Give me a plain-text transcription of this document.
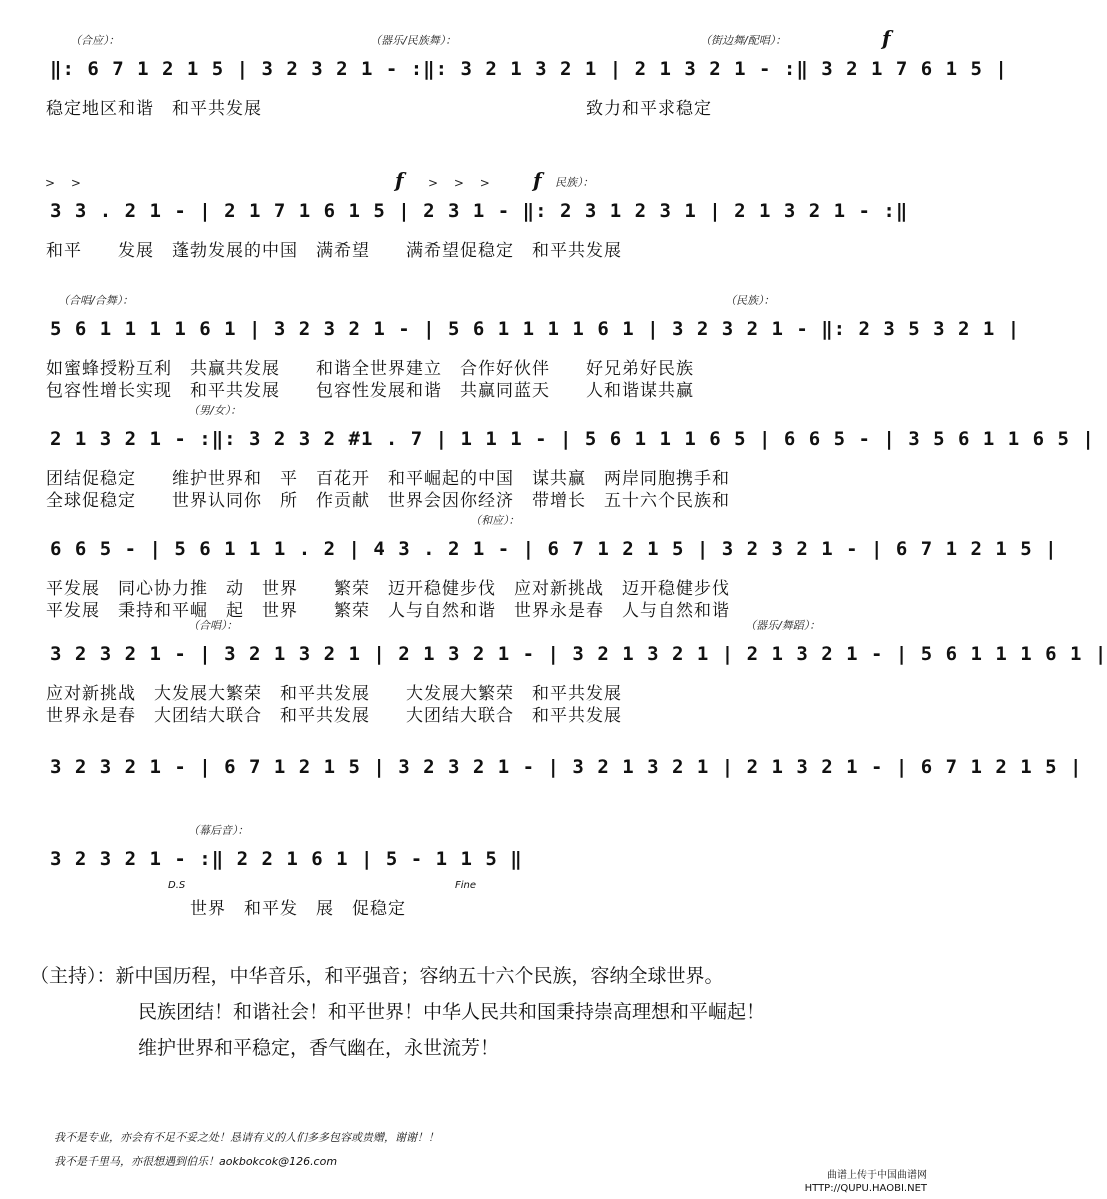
（合应）：	（器乐/民族舞）：	（街边舞/配唱）：	f
‖: 6 7 1 2 1 5 | 3 2 3 2 1 - :‖: 3 2 1 3 2 1 | 2 1 3 2 1 - :‖ 3 2 1 7 6 1 5 |
稳定地区和谐　和平共发展　　　　　　　　　　　　　　　　　　致力和平求稳定
民族）：
> >	> > >
f	f
3 3 . 2 1 - | 2 1 7 1 6 1 5 | 2 3 1 - ‖: 2 3 1 2 3 1 | 2 1 3 2 1 - :‖
和平　　发展　蓬勃发展的中国　满希望　　满希望促稳定　和平共发展
（合唱/合舞）：	（民族）：
5 6 1 1 1 1 6 1 | 3 2 3 2 1 - | 5 6 1 1 1 1 6 1 | 3 2 3 2 1 - ‖: 2 3 5 3 2 1 |
如蜜蜂授粉互利　共赢共发展　　和谐全世界建立　合作好伙伴　　好兄弟好民族
包容性增长实现　和平共发展　　包容性发展和谐　共赢同蓝天　　人和谐谋共赢
（男/女）：
2 1 3 2 1 - :‖: 3 2 3 2 #1 . 7 | 1 1 1 - | 5 6 1 1 1 6 5 | 6 6 5 - | 3 5 6 1 1 6 5 |
团结促稳定　　维护世界和　平　百花开　和平崛起的中国　谋共赢　两岸同胞携手和
全球促稳定　　世界认同你　所　作贡献　世界会因你经济　带增长　五十六个民族和
（和应）：
6 6 5 - | 5 6 1 1 1 . 2 | 4 3 . 2 1 - | 6 7 1 2 1 5 | 3 2 3 2 1 - | 6 7 1 2 1 5 |
平发展　同心协力推　动　世界　　繁荣　迈开稳健步伐　应对新挑战　迈开稳健步伐
平发展　秉持和平崛　起　世界　　繁荣　人与自然和谐　世界永是春　人与自然和谐
（合唱）：	（器乐/舞蹈）：
3 2 3 2 1 - | 3 2 1 3 2 1 | 2 1 3 2 1 - | 3 2 1 3 2 1 | 2 1 3 2 1 - | 5 6 1 1 1 6 1 |
应对新挑战　大发展大繁荣　和平共发展　　大发展大繁荣　和平共发展
世界永是春　大团结大联合　和平共发展　　大团结大联合　和平共发展
3 2 3 2 1 - | 6 7 1 2 1 5 | 3 2 3 2 1 - | 3 2 1 3 2 1 | 2 1 3 2 1 - | 6 7 1 2 1 5 |
（幕后音）：
3 2 3 2 1 - :‖ 2 2 1 6 1 | 5 - 1 1 5 ‖
D.S	Fine
　　　　　　　　世界　和平发　展　促稳定
（主持）：新中国历程，中华音乐，和平强音；容纳五十六个民族，容纳全球世界。
民族团结！和谐社会！和平世界！中华人民共和国秉持崇高理想和平崛起！
维护世界和平稳定，香气幽在，永世流芳！
我不是专业，亦会有不足不妥之处！恳请有义的人们多多包容或贵赠，谢谢！！
我不是千里马，亦很想遇到伯乐！aokbokcok@126.com
曲谱上传于中国曲谱网
HTTP://QUPU.HAOBI.NET
